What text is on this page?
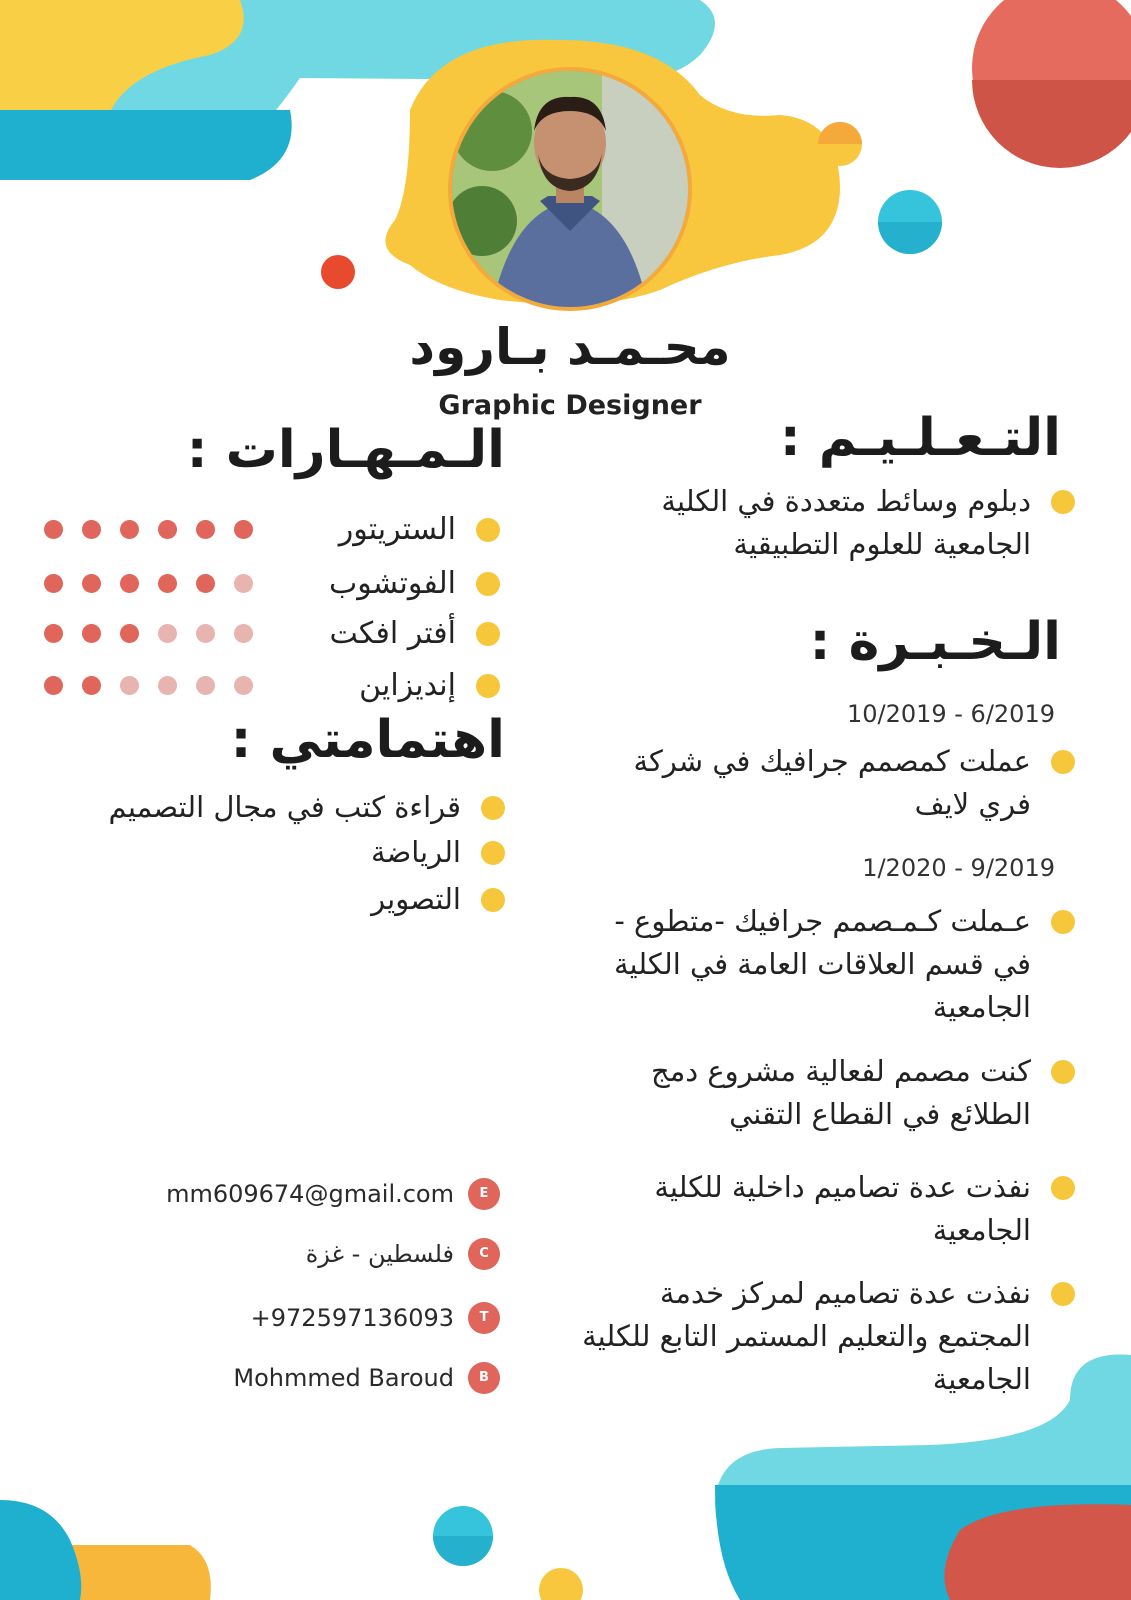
محـمـد بـارود
Graphic Designer
التـعـلـيـم :
دبلوم وسائط متعددة في الكلية الجامعية للعلوم التطبيقية
الـخـبـرة :
10/2019 - 6/2019
عملت كمصمم جرافيك في شركة فري لايف
1/2020 - 9/2019
عـملت كـمـصمم جرافيك -متطوع - في قسم العلاقات العامة في الكلية الجامعية
كنت مصمم لفعالية مشروع دمج الطلائع في القطاع التقني
نفذت عدة تصاميم داخلية للكلية الجامعية
نفذت عدة تصاميم لمركز خدمة المجتمع والتعليم المستمر التابع للكلية الجامعية
الـمـهـارات :
الستريتور
الفوتشوب
أفتر افكت
إنديزاين
اهتمامتي :
قراءة كتب في مجال التصميم
الرياضة
التصوير
E
mm609674@gmail.com
C
فلسطين - غزة
T
+972597136093
B
Mohmmed Baroud
